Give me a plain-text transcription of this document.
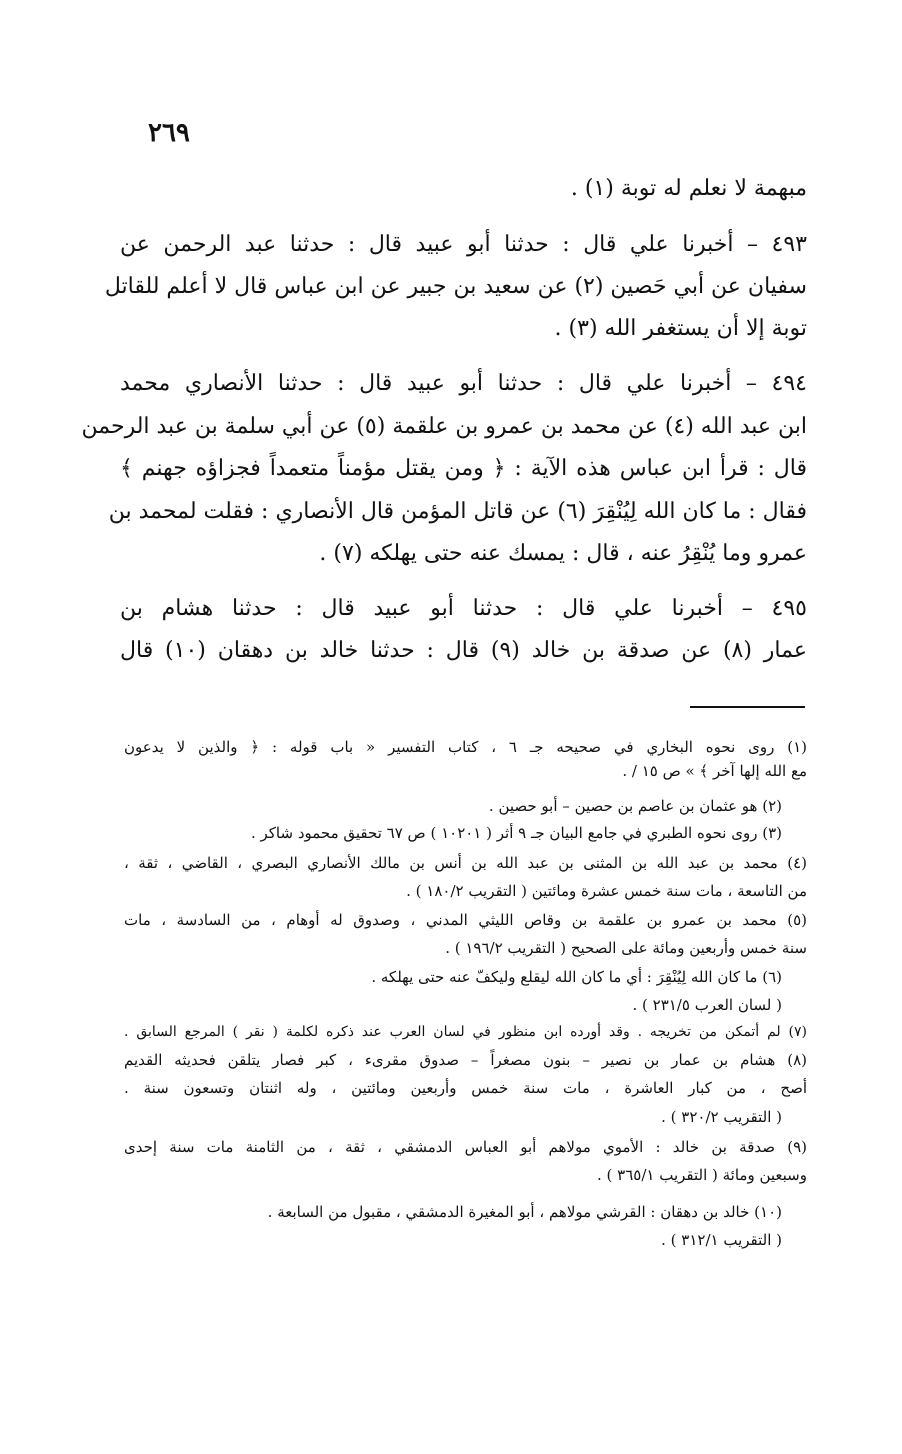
٢٦٩
مبهمة لا نعلم له توبة (١) .
٤٩٣ – أخبرنا علي قال : حدثنا أبو عبيد قال : حدثنا عبد الرحمن عن
سفيان عن أبي حَصين (٢) عن سعيد بن جبير عن ابن عباس قال لا أعلم للقاتل
توبة إلا أن يستغفر الله (٣) .
٤٩٤ – أخبرنا علي قال : حدثنا أبو عبيد قال : حدثنا الأنصاري محمد
ابن عبد الله (٤) عن محمد بن عمرو بن علقمة (٥) عن أبي سلمة بن عبد الرحمن
قال : قرأ ابن عباس هذه الآية : ﴿ ومن يقتل مؤمناً متعمداً فجزاؤه جهنم ﴾
فقال : ما كان الله لِيُنْقِرَ (٦) عن قاتل المؤمن قال الأنصاري : فقلت لمحمد بن
عمرو وما يُنْقِرُ عنه ، قال : يمسك عنه حتى يهلكه (٧) .
٤٩٥ – أخبرنا علي قال : حدثنا أبو عبيد قال : حدثنا هشام بن
عمار (٨) عن صدقة بن خالد (٩) قال : حدثنا خالد بن دهقان (١٠) قال
(١) روى نحوه البخاري في صحيحه جـ ٦ ، كتاب التفسير « باب قوله : ﴿ والذين لا يدعون
مع الله إلها آخر ﴾ » ص ١٥ / .
(٢) هو عثمان بن عاصم بن حصين – أبو حصين .
(٣) روى نحوه الطبري في جامع البيان جـ ٩ أثر ( ١٠٢٠١ ) ص ٦٧ تحقيق محمود شاكر .
(٤) محمد بن عبد الله بن المثنى بن عبد الله بن أنس بن مالك الأنصاري البصري ، القاضي ، ثقة ،
من التاسعة ، مات سنة خمس عشرة ومائتين ( التقريب ١٨٠/٢ ) .
(٥) محمد بن عمرو بن علقمة بن وقاص الليثي المدني ، وصدوق له أوهام ، من السادسة ، مات
سنة خمس وأربعين ومائة على الصحيح ( التقريب ١٩٦/٢ ) .
(٦) ما كان الله لِيُنْقِرَ : أي ما كان الله ليقلع وليكفّ عنه حتى يهلكه .
( لسان العرب ٢٣١/٥ ) .
(٧) لم أتمكن من تخريجه . وقد أورده ابن منظور في لسان العرب عند ذكره لكلمة ( نقر ) المرجع السابق .
(٨) هشام بن عمار بن نصير – بنون مصغراً – صدوق مقرىء ، كبر فصار يتلقن فحديثه القديم
أصح ، من كبار العاشرة ، مات سنة خمس وأربعين ومائتين ، وله اثنتان وتسعون سنة .
( التقريب ٣٢٠/٢ ) .
(٩) صدقة بن خالد : الأموي مولاهم أبو العباس الدمشقي ، ثقة ، من الثامنة مات سنة إحدى
وسبعين ومائة ( التقريب ٣٦٥/١ ) .
(١٠) خالد بن دهقان : القرشي مولاهم ، أبو المغيرة الدمشقي ، مقبول من السابعة .
( التقريب ٣١٢/١ ) .
